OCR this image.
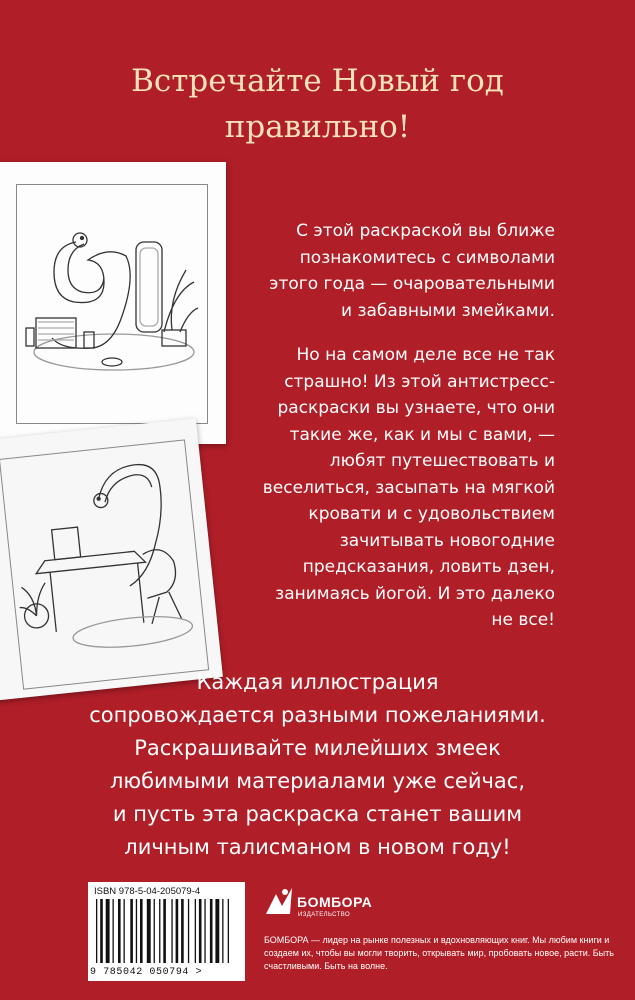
Встречайте Новый год
правильно!

С этой раскраской вы ближе познакомитесь с символами этого года — очаровательными и забавными змейками.

Но на самом деле все не так страшно! Из этой антистресс-раскраски вы узнаете, что они такие же, как и мы с вами, — любят путешествовать и веселиться, засыпать на мягкой кровати и с удовольствием зачитывать новогодние предсказания, ловить дзен, занимаясь йогой. И это далеко не все!

Каждая иллюстрация

сопровождается разными пожеланиями.

Раскрашивайте милейших змеек

любимыми материалами уже сейчас,

и пусть эта раскраска станет вашим

личным талисманом в новом году!

ISBN 978-5-04-205079-4
9 785042 050794 >
БОМБОРА
ИЗДАТЕЛЬСТВО
БОМБОРА — лидер на рынке полезных и вдохновляющих книг. Мы любим книги и создаем их, чтобы вы могли творить, открывать мир, пробовать новое, расти. Быть счастливыми. Быть на волне.
